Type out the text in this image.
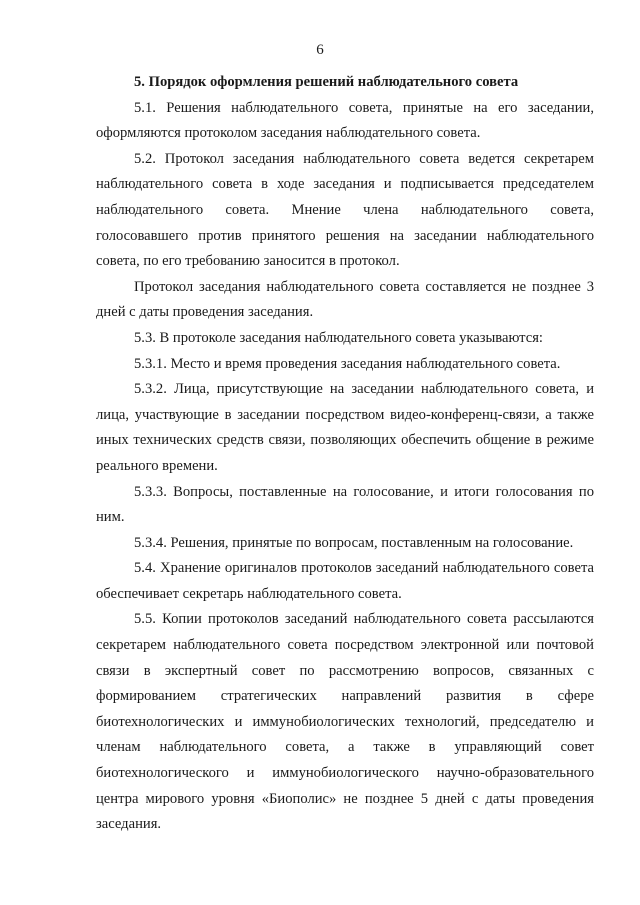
6

5. Порядок оформления решений наблюдательного совета

5.1. Решения наблюдательного совета, принятые на его заседании, оформляются протоколом заседания наблюдательного совета.

5.2. Протокол заседания наблюдательного совета ведется секретарем наблюдательного совета в ходе заседания и подписывается председателем наблюдательного совета. Мнение члена наблюдательного совета, голосовавшего против принятого решения на заседании наблюдательного совета, по его требованию заносится в протокол.

Протокол заседания наблюдательного совета составляется не позднее 3 дней с даты проведения заседания.

5.3. В протоколе заседания наблюдательного совета указываются:

5.3.1. Место и время проведения заседания наблюдательного совета.

5.3.2. Лица, присутствующие на заседании наблюдательного совета, и лица, участвующие в заседании посредством видео-конференц-связи, а также иных технических средств связи, позволяющих обеспечить общение в режиме реального времени.

5.3.3. Вопросы, поставленные на голосование, и итоги голосования по ним.

5.3.4. Решения, принятые по вопросам, поставленным на голосование.

5.4. Хранение оригиналов протоколов заседаний наблюдательного совета обеспечивает секретарь наблюдательного совета.

5.5. Копии протоколов заседаний наблюдательного совета рассылаются секретарем наблюдательного совета посредством электронной или почтовой связи в экспертный совет по рассмотрению вопросов, связанных с формированием стратегических направлений развития в сфере биотехнологических и иммунобиологических технологий, председателю и членам наблюдательного совета, а также в управляющий совет биотехнологического и иммунобиологического научно-образовательного центра мирового уровня «Биополис» не позднее 5 дней с даты проведения заседания.
